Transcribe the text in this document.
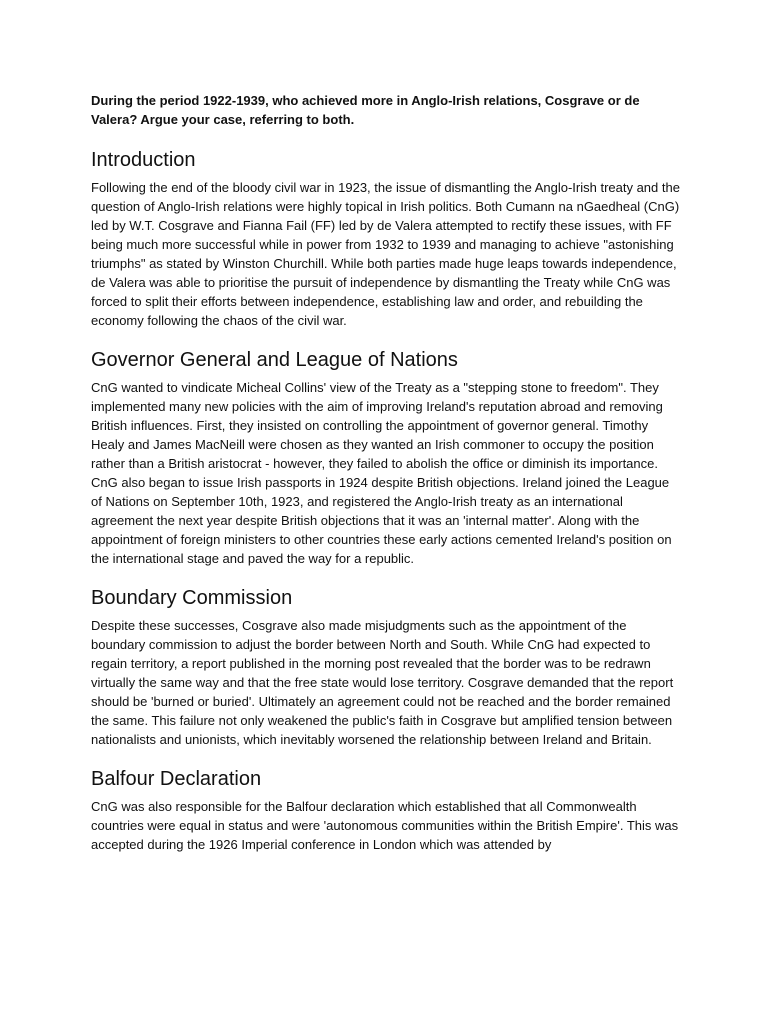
During the period 1922-1939, who achieved more in Anglo-Irish relations, Cosgrave or de Valera? Argue your case, referring to both.

Introduction

Following the end of the bloody civil war in 1923, the issue of dismantling the Anglo-Irish treaty and the question of Anglo-Irish relations were highly topical in Irish politics. Both Cumann na nGaedheal (CnG) led by W.T. Cosgrave and Fianna Fail (FF) led by de Valera attempted to rectify these issues, with FF being much more successful while in power from 1932 to 1939 and managing to achieve "astonishing triumphs" as stated by Winston Churchill. While both parties made huge leaps towards independence, de Valera was able to prioritise the pursuit of independence by dismantling the Treaty while CnG was forced to split their efforts between independence, establishing law and order, and rebuilding the economy following the chaos of the civil war.

Governor General and League of Nations

CnG wanted to vindicate Micheal Collins' view of the Treaty as a "stepping stone to freedom". They implemented many new policies with the aim of improving Ireland's reputation abroad and removing British influences. First, they insisted on controlling the appointment of governor general. Timothy Healy and James MacNeill were chosen as they wanted an Irish commoner to occupy the position rather than a British aristocrat - however, they failed to abolish the office or diminish its importance. CnG also began to issue Irish passports in 1924 despite British objections. Ireland joined the League of Nations on September 10th, 1923, and registered the Anglo-Irish treaty as an international agreement the next year despite British objections that it was an 'internal matter'. Along with the appointment of foreign ministers to other countries these early actions cemented Ireland's position on the international stage and paved the way for a republic.

Boundary Commission

Despite these successes, Cosgrave also made misjudgments such as the appointment of the boundary commission to adjust the border between North and South. While CnG had expected to regain territory, a report published in the morning post revealed that the border was to be redrawn virtually the same way and that the free state would lose territory. Cosgrave demanded that the report should be 'burned or buried'. Ultimately an agreement could not be reached and the border remained the same. This failure not only weakened the public's faith in Cosgrave but amplified tension between nationalists and unionists, which inevitably worsened the relationship between Ireland and Britain.

Balfour Declaration

CnG was also responsible for the Balfour declaration which established that all Commonwealth countries were equal in status and were 'autonomous communities within the British Empire'. This was accepted during the 1926 Imperial conference in London which was attended by
